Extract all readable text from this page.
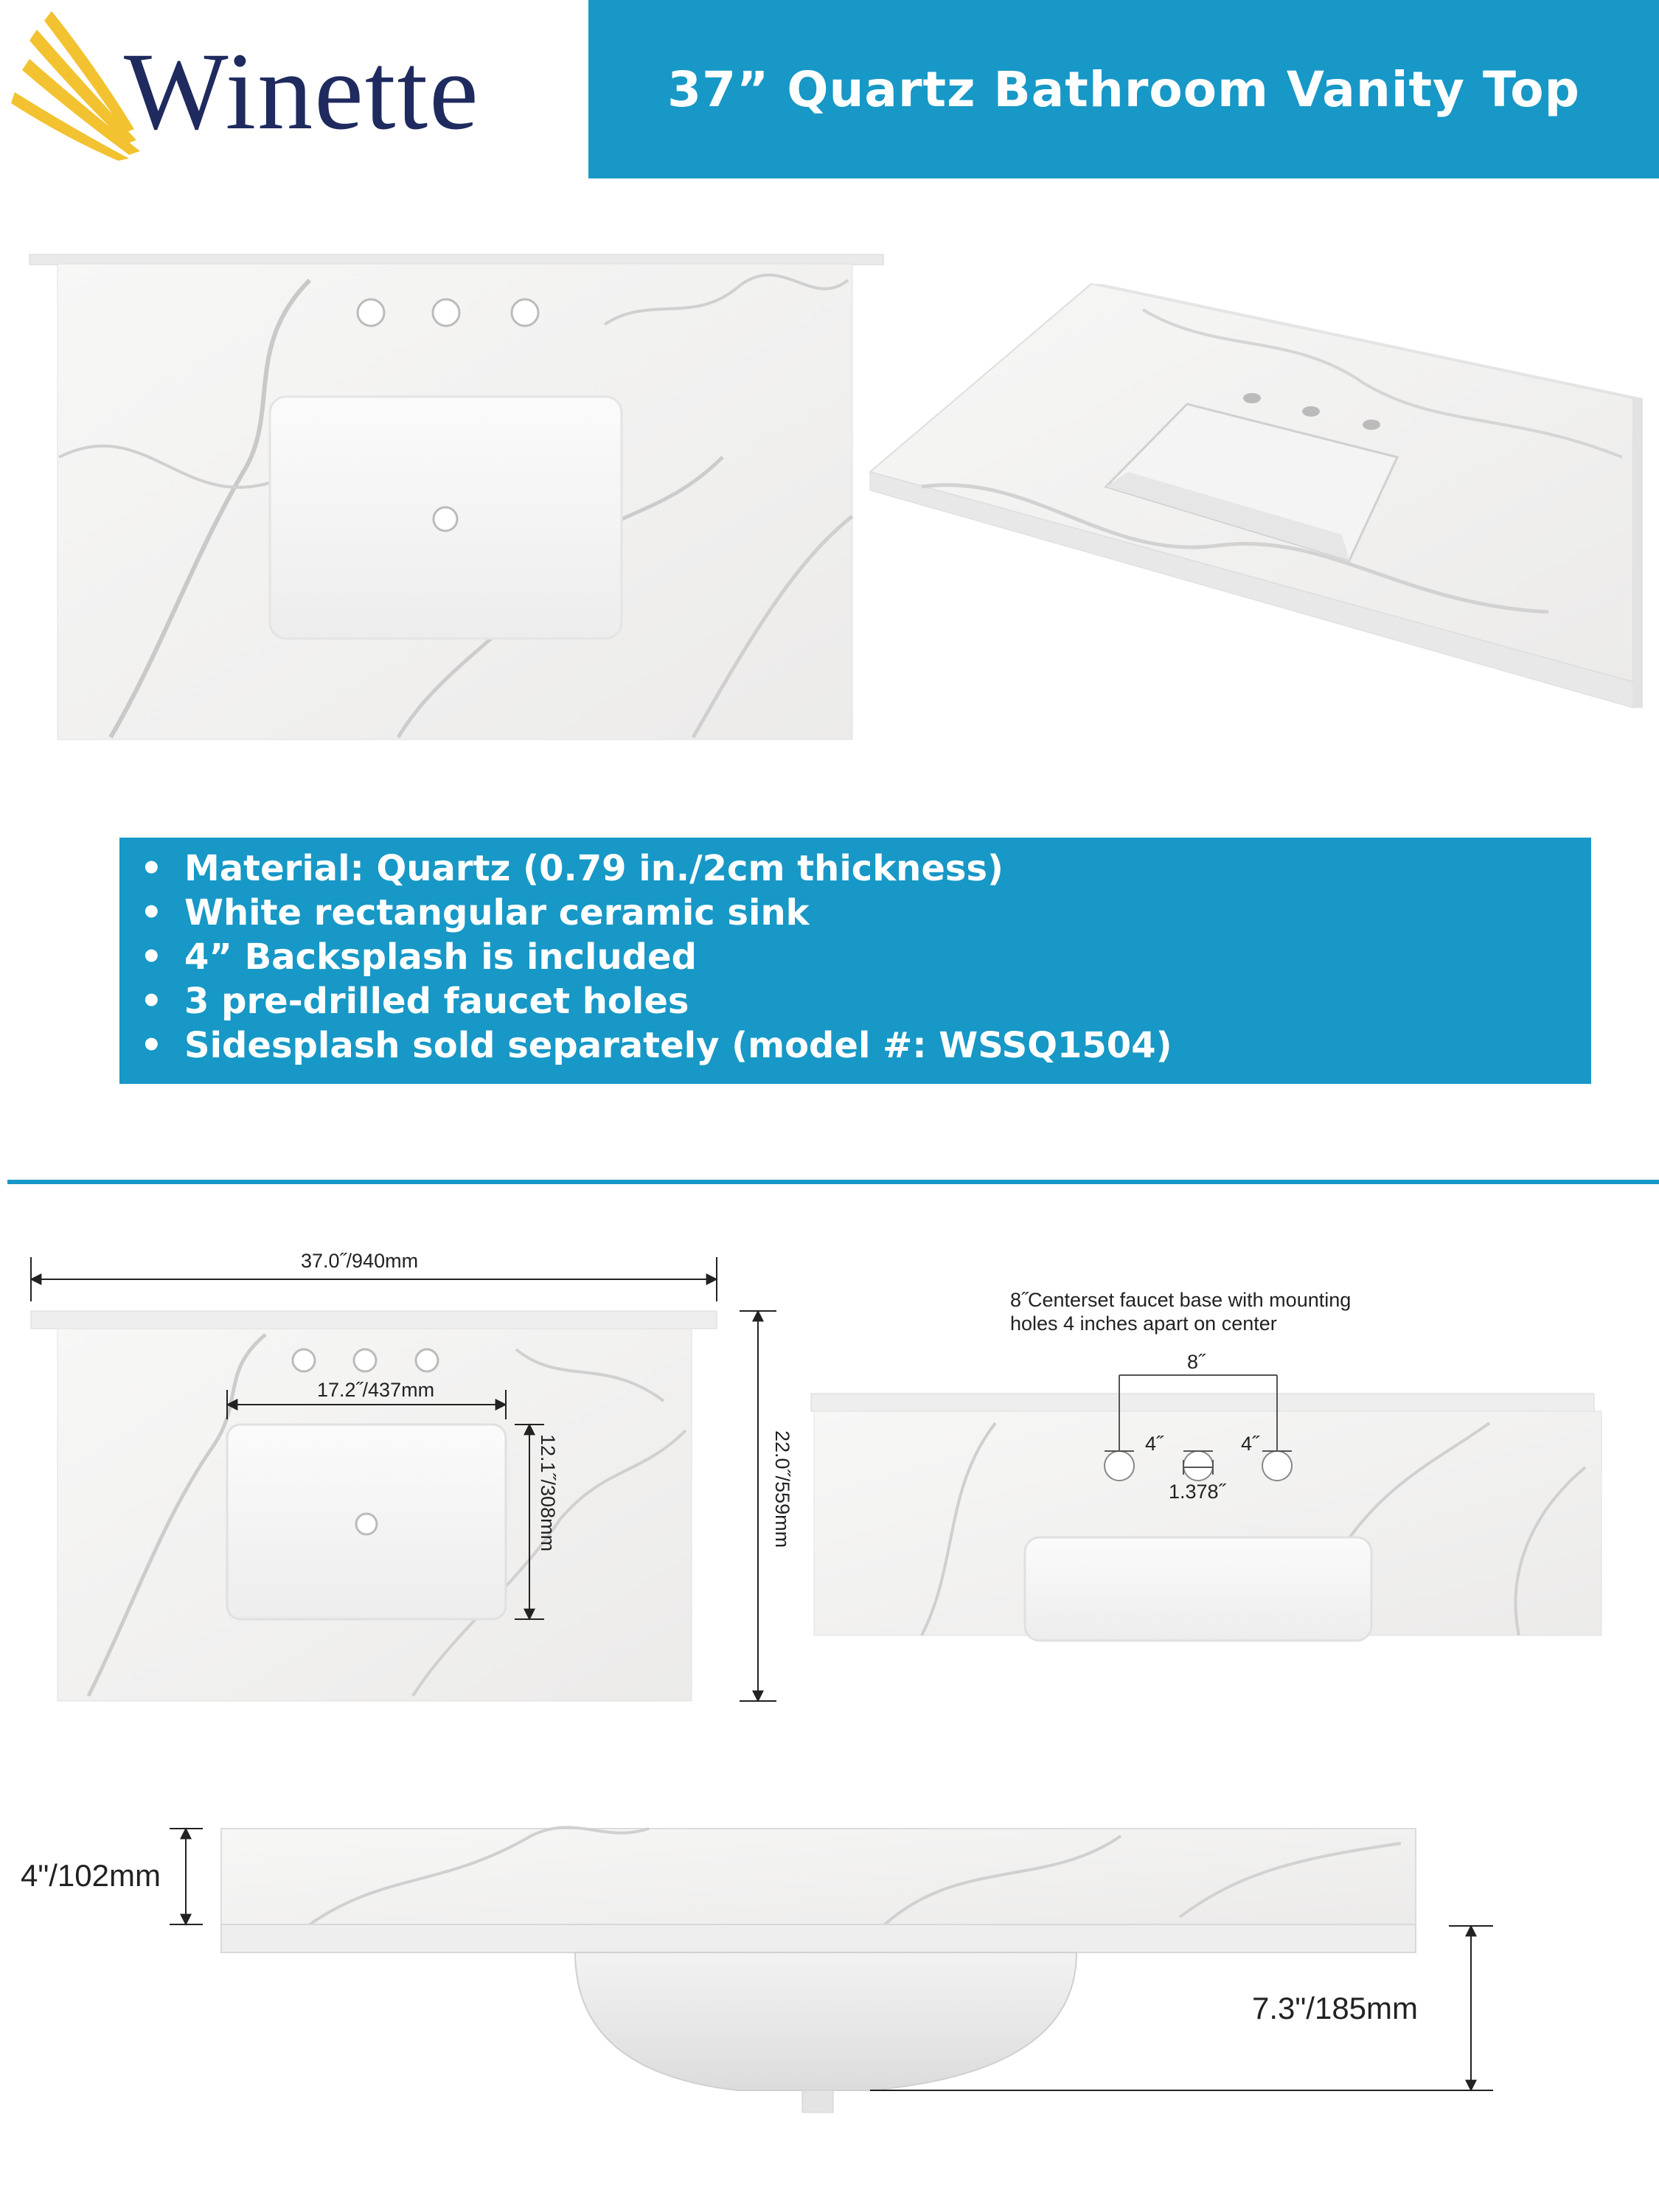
37” Quartz Bathroom Vanity Top
Winette
• Material: Quartz (0.79 in./2cm thickness)
• White rectangular ceramic sink
• 4” Backsplash is included
• 3 pre-drilled faucet holes
• Sidesplash sold separately (model #: WSSQ1504)
37.0˝/940mm
17.2˝/437mm
12.1˝/308mm	22.0˝/559mm
8˝Centerset faucet base with mounting
holes 4 inches apart on center
8˝
4˝	4˝
1.378˝
4"/102mm
7.3"/185mm
